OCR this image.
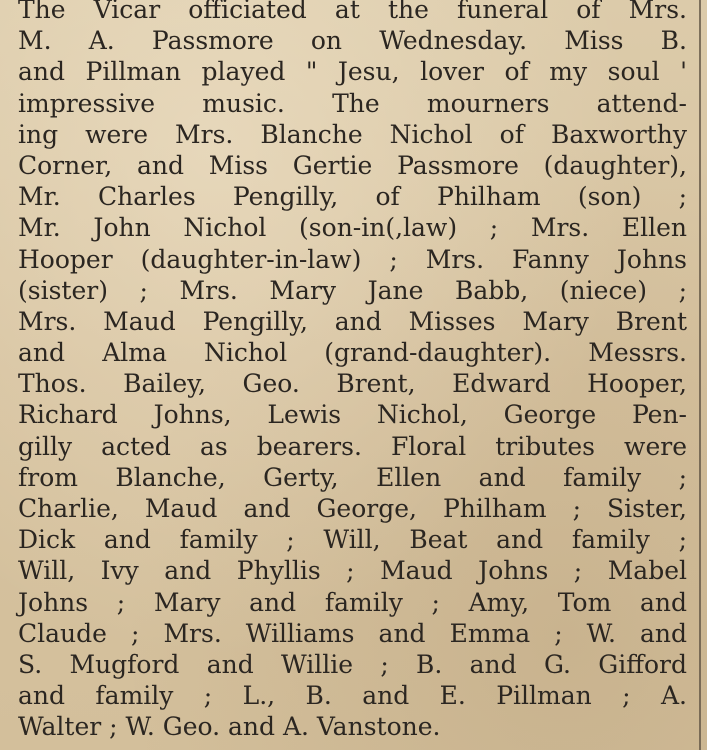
The Vicar officiated at the funeral of Mrs.
M. A. Passmore on Wednesday. Miss B.
and Pillman played " Jesu, lover of my soul '
impressive music. The mourners attend-
ing were Mrs. Blanche Nichol of Baxworthy
Corner, and Miss Gertie Passmore (daughter),
Mr. Charles Pengilly, of Philham (son) ;
Mr. John Nichol (son-in(,law) ; Mrs. Ellen
Hooper (daughter-in-law) ; Mrs. Fanny Johns
(sister) ; Mrs. Mary Jane Babb, (niece) ;
Mrs. Maud Pengilly, and Misses Mary Brent
and Alma Nichol (grand-daughter). Messrs.
Thos. Bailey, Geo. Brent, Edward Hooper,
Richard Johns, Lewis Nichol, George Pen-
gilly acted as bearers. Floral tributes were
from Blanche, Gerty, Ellen and family ;
Charlie, Maud and George, Philham ; Sister,
Dick and family ; Will, Beat and family ;
Will, Ivy and Phyllis ; Maud Johns ; Mabel
Johns ; Mary and family ; Amy, Tom and
Claude ; Mrs. Williams and Emma ; W. and
S. Mugford and Willie ; B. and G. Gifford
and family ; L., B. and E. Pillman ; A.
Walter ; W. Geo. and A. Vanstone.
